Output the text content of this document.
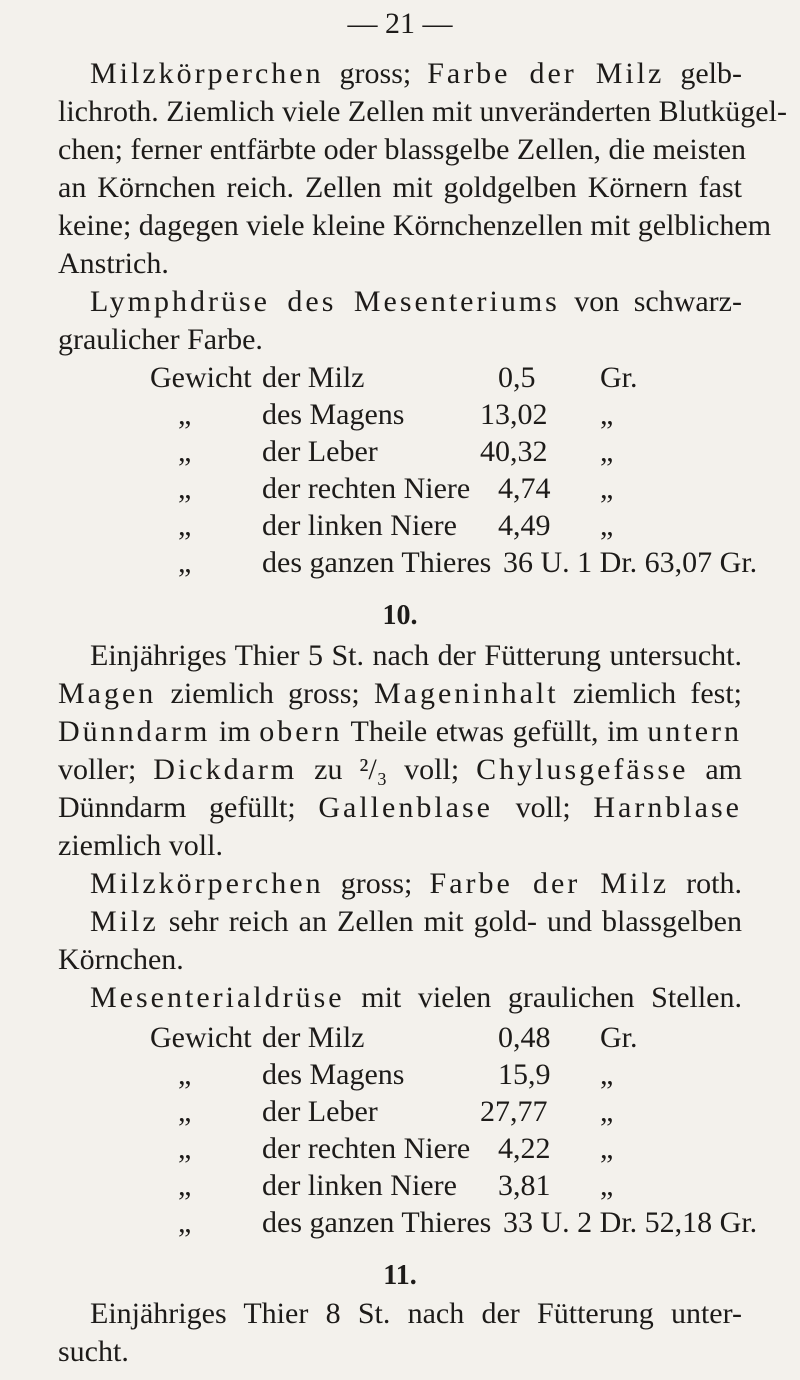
— 21 —
Milzkörperchen gross; Farbe der Milz gelb-
lichroth. Ziemlich viele Zellen mit unveränderten Blutkügel-
chen; ferner entfärbte oder blassgelbe Zellen, die meisten
an Körnchen reich. Zellen mit goldgelben Körnern fast
keine; dagegen viele kleine Körnchenzellen mit gelblichem
Anstrich.
Lymphdrüse des Mesenteriums von schwarz-
graulicher Farbe.
Gewicht der Milz	0,5 Gr.
„ des Magens	13,02 „
„ der Leber	40,32 „
„ der rechten Niere 4,74 „
„ der linken Niere 4,49 „
„ des ganzen Thieres 36 U. 1 Dr. 63,07 Gr.
10.
Einjähriges Thier 5 St. nach der Fütterung untersucht.
Magen ziemlich gross; Mageninhalt ziemlich fest;
Dünndarm im obern Theile etwas gefüllt, im untern
voller; Dickdarm zu ²/₃ voll; Chylusgefässe am
Dünndarm gefüllt; Gallenblase voll; Harnblase
ziemlich voll.
Milzkörperchen gross; Farbe der Milz roth.
Milz sehr reich an Zellen mit gold- und blassgelben
Körnchen.
Mesenterialdrüse mit vielen graulichen Stellen.
Gewicht der Milz	0,48 Gr.
„ des Magens	15,9 „
„ der Leber	27,77 „
„ der rechten Niere 4,22 „
„ der linken Niere 3,81 „
„ des ganzen Thieres 33 U. 2 Dr. 52,18 Gr.
11.
Einjähriges Thier 8 St. nach der Fütterung unter-
sucht.
